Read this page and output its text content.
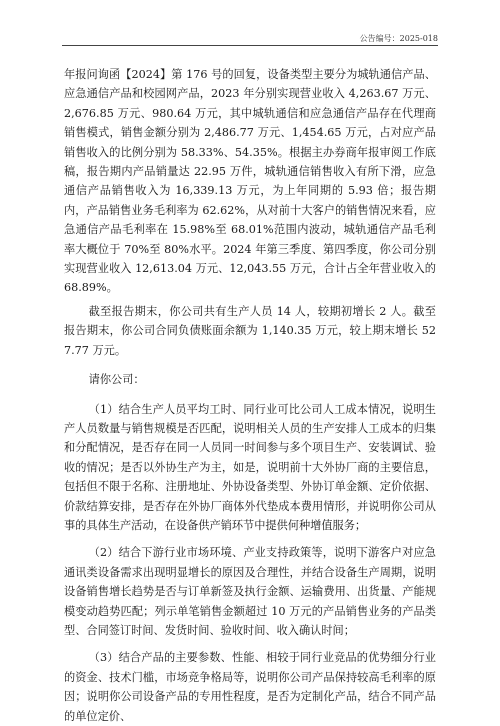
公告编号：2025-018

年报问询函【2024】第 176 号的回复，设备类型主要分为城轨通信产品、应急通信产品和校园网产品，2023 年分别实现营业收入 4,263.67 万元、2,676.85 万元、980.64 万元，其中城轨通信和应急通信产品存在代理商销售模式，销售金额分别为 2,486.77 万元、1,454.65 万元，占对应产品销售收入的比例分别为 58.33%、54.35%。根据主办券商年报审阅工作底稿，报告期内产品销量达 22.95 万件，城轨通信销售收入有所下滑，应急通信产品销售收入为 16,339.13 万元，为上年同期的 5.93 倍；报告期内，产品销售业务毛利率为 62.62%，从对前十大客户的销售情况来看，应急通信产品毛利率在 15.98%至 68.01%范围内波动，城轨通信产品毛利率大概位于 70%至 80%水平。2024 年第三季度、第四季度，你公司分别实现营业收入 12,613.04 万元、12,043.55 万元，合计占全年营业收入的 68.89%。

截至报告期末，你公司共有生产人员 14 人，较期初增长 2 人。截至报告期末，你公司合同负债账面余额为 1,140.35 万元，较上期末增长 527.77 万元。

请你公司：

（1）结合生产人员平均工时、同行业可比公司人工成本情况，说明生产人员数量与销售规模是否匹配，说明相关人员的生产安排人工成本的归集和分配情况，是否存在同一人员同一时间参与多个项目生产、安装调试、验收的情况；是否以外协生产为主，如是，说明前十大外协厂商的主要信息，包括但不限于名称、注册地址、外协设备类型、外协订单金额、定价依据、价款结算安排，是否存在外协厂商体外代垫成本费用情形，并说明你公司从事的具体生产活动，在设备供产销环节中提供何种增值服务；

（2）结合下游行业市场环境、产业支持政策等，说明下游客户对应急通讯类设备需求出现明显增长的原因及合理性，并结合设备生产周期，说明设备销售增长趋势是否与订单新签及执行金额、运输费用、出货量、产能规模变动趋势匹配；列示单笔销售金额超过 10 万元的产品销售业务的产品类型、合同签订时间、发货时间、验收时间、收入确认时间；

（3）结合产品的主要参数、性能、相较于同行业竞品的优势细分行业的资金、技术门槛，市场竞争格局等，说明你公司产品保持较高毛利率的原因；说明你公司设备产品的专用性程度，是否为定制化产品，结合不同产品的单位定价、
